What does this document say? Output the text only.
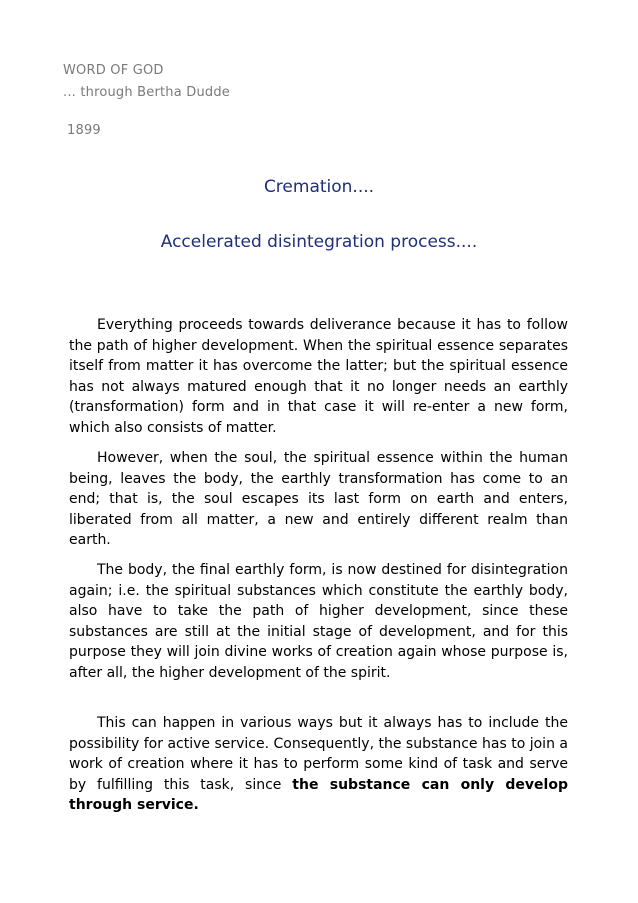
WORD OF GOD
... through Bertha Dudde
1899
Cremation....
Accelerated disintegration process....

Everything proceeds towards deliverance because it has to follow the path of higher development. When the spiritual essence separates itself from matter it has overcome the latter; but the spiritual essence has not always matured enough that it no longer needs an earthly (transformation) form and in that case it will re-enter a new form, which also consists of matter.

However, when the soul, the spiritual essence within the human being, leaves the body, the earthly transformation has come to an end; that is, the soul escapes its last form on earth and enters, liberated from all matter, a new and entirely different realm than earth.

The body, the final earthly form, is now destined for disintegration again; i.e. the spiritual substances which constitute the earthly body, also have to take the path of higher development, since these substances are still at the initial stage of development, and for this purpose they will join divine works of creation again whose purpose is, after all, the higher development of the spirit.

This can happen in various ways but it always has to include the possibility for active service. Consequently, the substance has to join a work of creation where it has to perform some kind of task and serve by fulfilling this task, since the substance can only develop through service.
